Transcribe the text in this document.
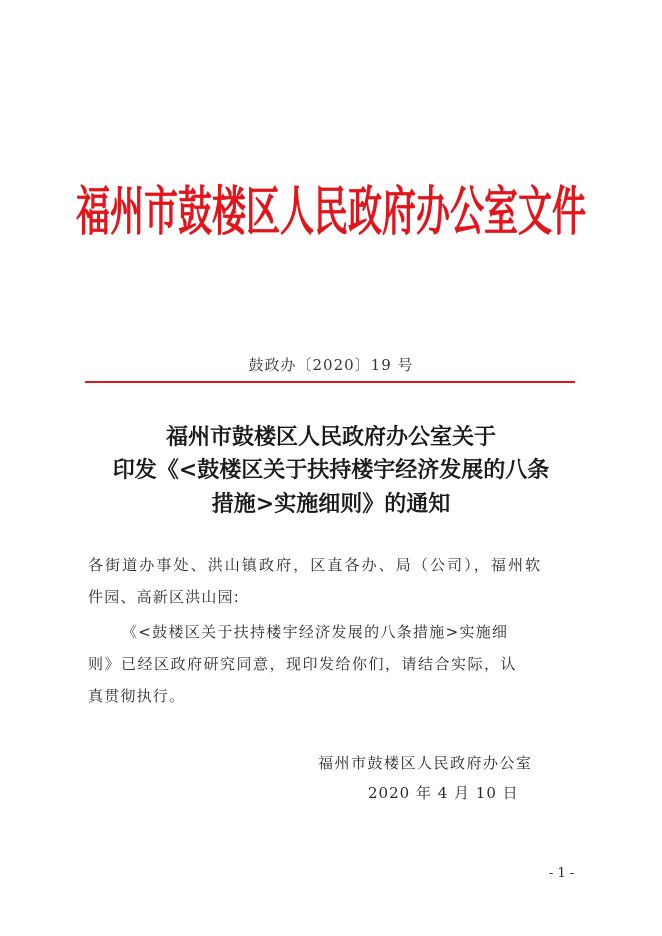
福州市鼓楼区人民政府办公室文件
鼓政办〔2020〕19 号
福州市鼓楼区人民政府办公室关于
印发《<鼓楼区关于扶持楼宇经济发展的八条
措施>实施细则》的通知
各街道办事处、洪山镇政府，区直各办、局（公司），福州软
件园、高新区洪山园:
《<鼓楼区关于扶持楼宇经济发展的八条措施>实施细
则》已经区政府研究同意，现印发给你们，请结合实际，认
真贯彻执行。
福州市鼓楼区人民政府办公室
2020 年 4 月 10 日
- 1 -
